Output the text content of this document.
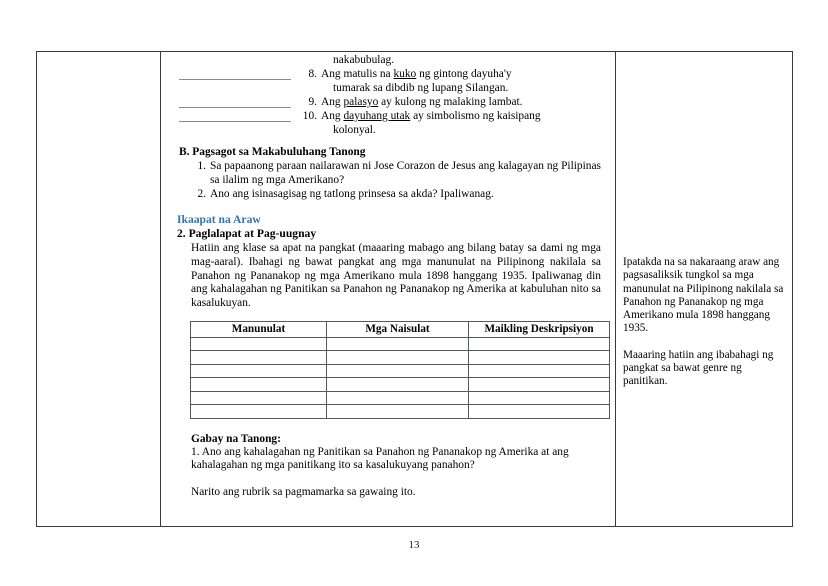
nakabubulag.
8. Ang matulis na kuko ng gintong dayuha'y
tumarak sa dibdib ng lupang Silangan.
9. Ang palasyo ay kulong ng malaking lambat.
10. Ang dayuhang utak ay simbolismo ng kaisipang
kolonyal.
B. Pagsagot sa Makabuluhang Tanong
1. Sa papaanong paraan nailarawan ni Jose Corazon de Jesus ang kalagayan ng Pilipinas sa ilalim ng mga Amerikano?
2. Ano ang isinasagisag ng tatlong prinsesa sa akda? Ipaliwanag.
Ikaapat na Araw
2. Paglalapat at Pag-uugnay
Hatiin ang klase sa apat na pangkat (maaaring mabago ang bilang batay sa dami ng mga mag-aaral). Ibahagi ng bawat pangkat ang mga manunulat na Pilipinong nakilala sa Panahon ng Pananakop ng mga Amerikano mula 1898 hanggang 1935. Ipaliwanag din ang kahalagahan ng Panitikan sa Panahon ng Pananakop ng Amerika at kabuluhan nito sa kasalukuyan.
Manunulat	Mga Naisulat	Maikling Deskripsiyon

Gabay na Tanong:
1. Ano ang kahalagahan ng Panitikan sa Panahon ng Pananakop ng Amerika at ang kahalagahan ng mga panitikang ito sa kasalukuyang panahon?
Narito ang rubrik sa pagmamarka sa gawaing ito.

Ipatakda na sa nakaraang araw ang pagsasaliksik tungkol sa mga manunulat na Pilipinong nakilala sa Panahon ng Pananakop ng mga Amerikano mula 1898 hanggang 1935.

Maaaring hatiin ang ibabahagi ng pangkat sa bawat genre ng panitikan.

13
